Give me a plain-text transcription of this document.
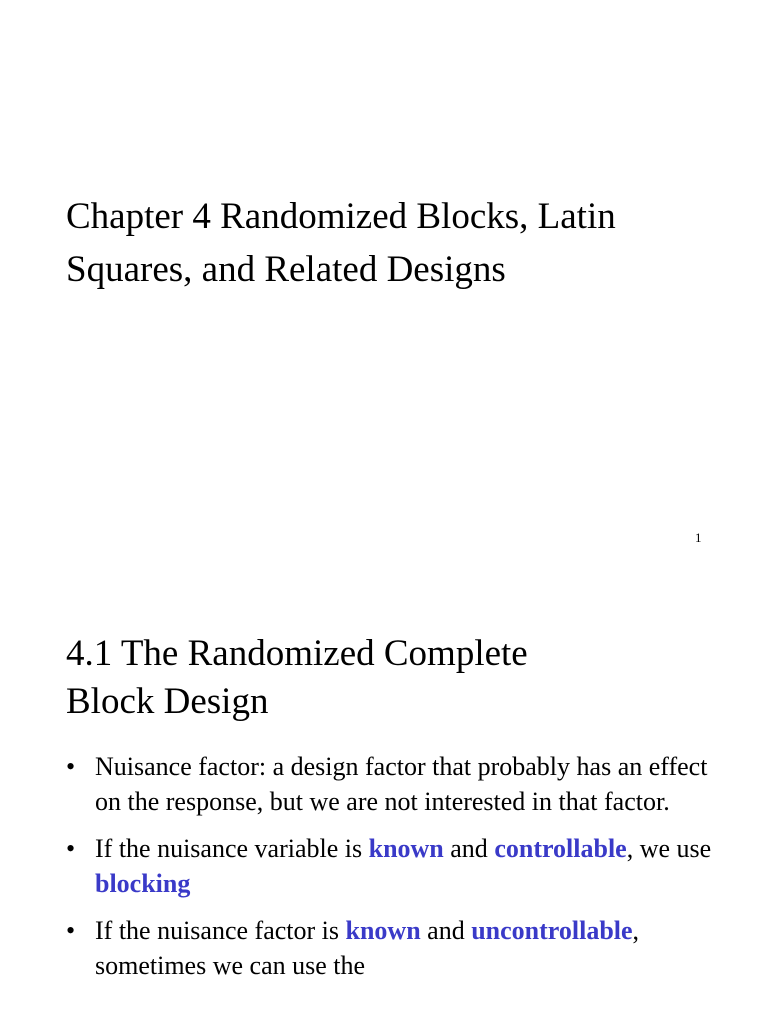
Chapter 4 Randomized Blocks, Latin
Squares, and Related Designs
1
4.1 The Randomized Complete
Block Design
• Nuisance factor: a design factor that probably has an effect on the response, but we are not interested in that factor.
• If the nuisance variable is known and controllable, we use blocking
• If the nuisance factor is known and uncontrollable, sometimes we can use the
